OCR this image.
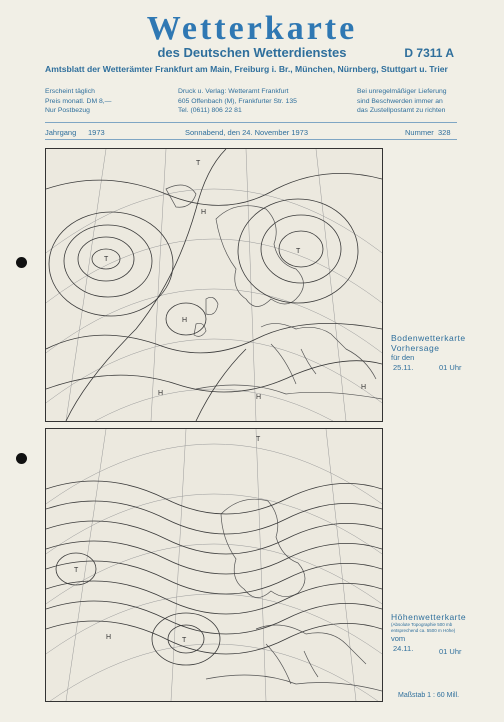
Wetterkarte
des Deutschen Wetterdienstes	D 7311 A
Amtsblatt der Wetterämter Frankfurt am Main, Freiburg i. Br., München, Nürnberg, Stuttgart u. Trier
Erscheint täglich
Preis monatl. DM 8,—
Nur Postbezug
Druck u. Verlag: Wetteramt Frankfurt
605 Offenbach (M), Frankfurter Str. 135
Tel. (0611) 806 22 81
Bei unregelmäßiger Lieferung
sind Beschwerden immer an
das Zustellpostamt zu richten
Jahrgang 1973	Sonnabend, den 24. November 1973	Nummer 328
T
T
H
T
H
H
H
H
Bodenwetterkarte
Vorhersage
für den
25.11.	01 Uhr
T
T
T
H
Höhenwetterkarte
(Absolute Topographie 500 mb entsprechend ca. 5500 m Höhe)
vom
24.11.	01 Uhr
Maßstab 1 : 60 Mill.
